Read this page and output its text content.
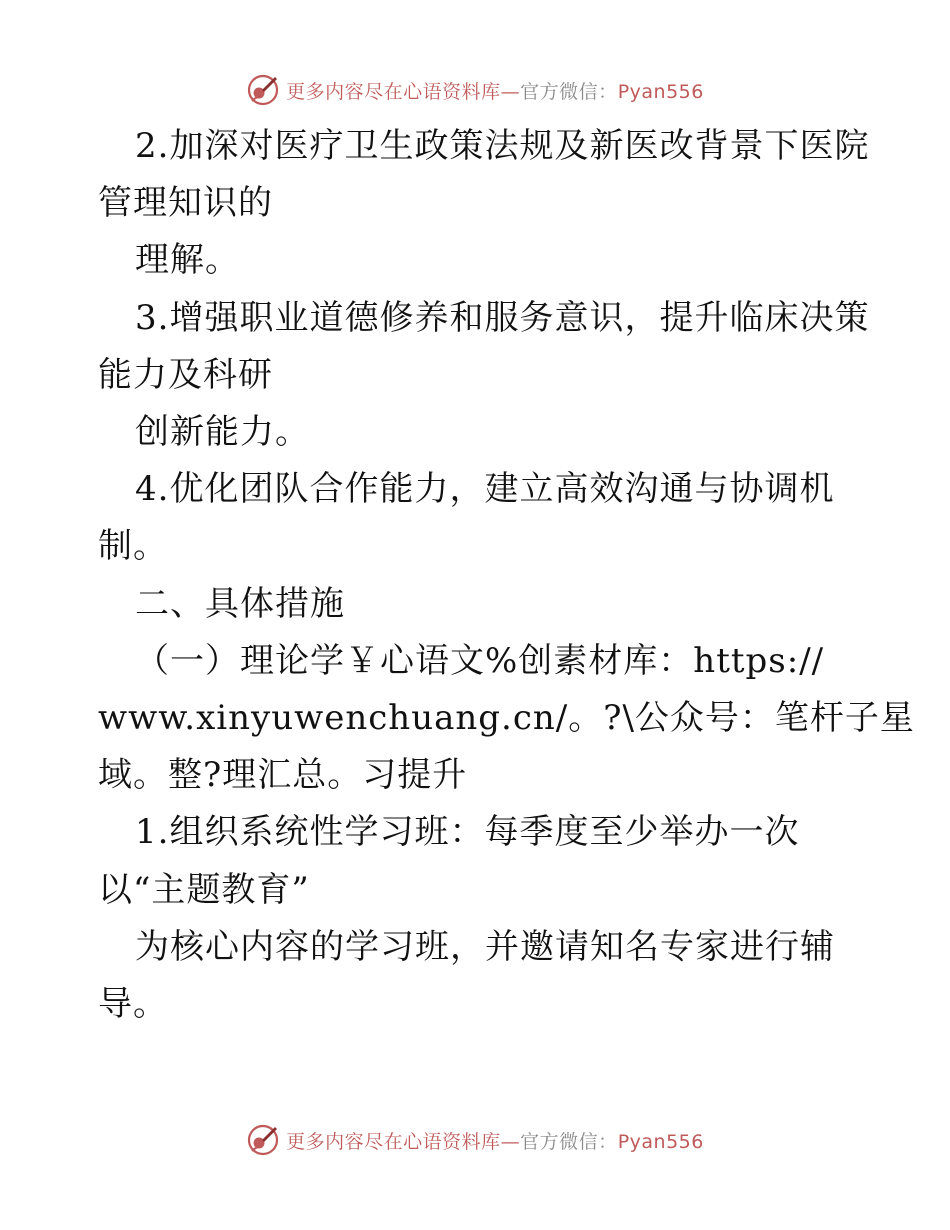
更多内容尽在心语资料库—官方微信：Pyan556
2.加深对医疗卫生政策法规及新医改背景下医院
管理知识的
理解。
3.增强职业道德修养和服务意识，提升临床决策
能力及科研
创新能力。
4.优化团队合作能力，建立高效沟通与协调机
制。
二、具体措施
（一）理论学￥心语文%创素材库：https://
www.xinyuwenchuang.cn/。?\公众号：笔杆子星
域。整?理汇总。习提升
1.组织系统性学习班：每季度至少举办一次
以“主题教育”
为核心内容的学习班，并邀请知名专家进行辅
导。
更多内容尽在心语资料库—官方微信：Pyan556
